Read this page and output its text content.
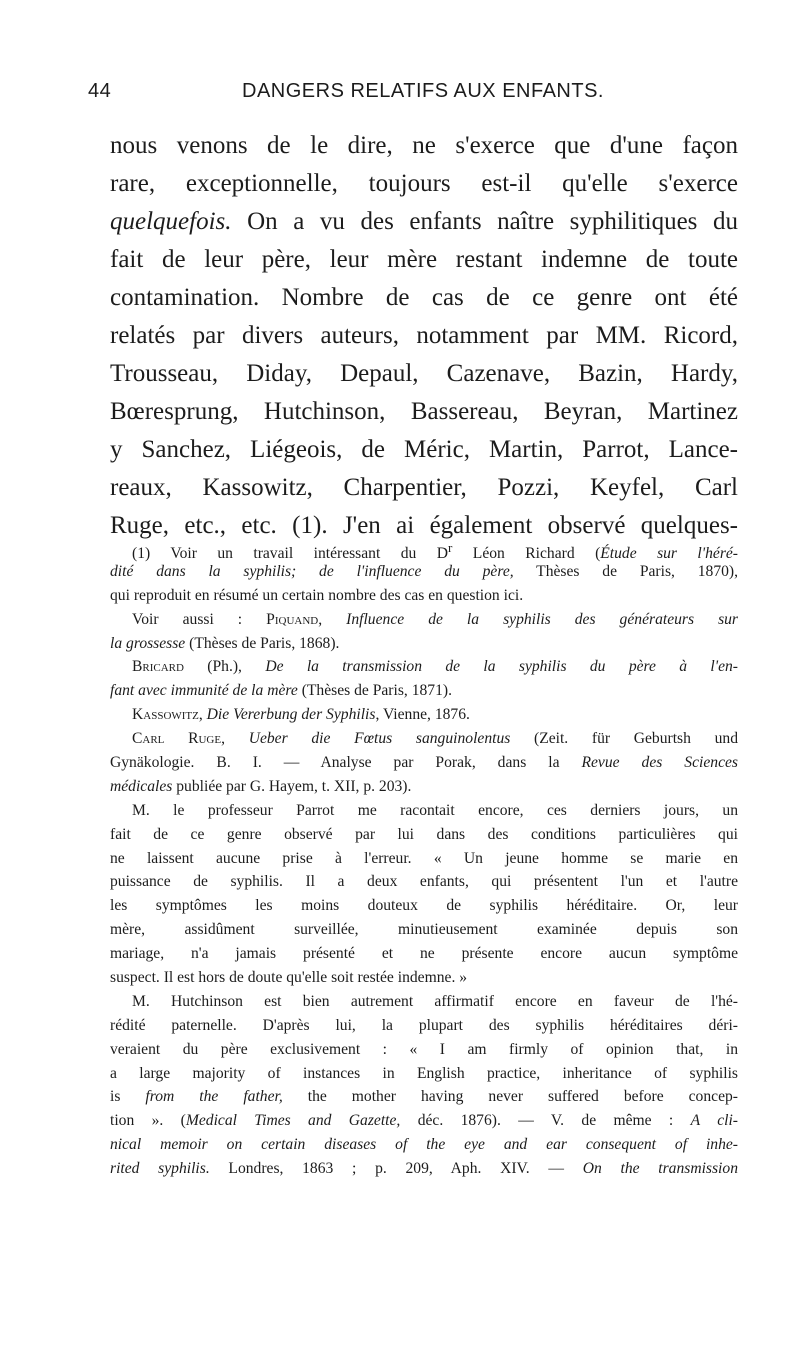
44	DANGERS RELATIFS AUX ENFANTS.
nous venons de le dire, ne s'exerce que d'une façon
rare, exceptionnelle, toujours est-il qu'elle s'exerce
quelquefois. On a vu des enfants naître syphilitiques du
fait de leur père, leur mère restant indemne de toute
contamination. Nombre de cas de ce genre ont été
relatés par divers auteurs, notamment par MM. Ricord,
Trousseau, Diday, Depaul, Cazenave, Bazin, Hardy,
Bœresprung, Hutchinson, Bassereau, Beyran, Martinez
y Sanchez, Liégeois, de Méric, Martin, Parrot, Lance-
reaux, Kassowitz, Charpentier, Pozzi, Keyfel, Carl
Ruge, etc., etc. (1). J'en ai également observé quelques-
(1) Voir un travail intéressant du $D^r$ Léon Richard (Étude sur l'héré-
dité dans la syphilis; de l'influence du père, Thèses de Paris, 1870),
qui reproduit en résumé un certain nombre des cas en question ici.
Voir aussi : Piquand, Influence de la syphilis des générateurs sur
la grossesse (Thèses de Paris, 1868).
Bricard (Ph.), De la transmission de la syphilis du père à l'en-
fant avec immunité de la mère (Thèses de Paris, 1871).
Kassowitz, Die Vererbung der Syphilis, Vienne, 1876.
Carl Ruge, Ueber die Fœtus sanguinolentus (Zeit. für Geburtsh und
Gynäkologie. B. I. — Analyse par Porak, dans la Revue des Sciences
médicales publiée par G. Hayem, t. XII, p. 203).
M. le professeur Parrot me racontait encore, ces derniers jours, un
fait de ce genre observé par lui dans des conditions particulières qui
ne laissent aucune prise à l'erreur. « Un jeune homme se marie en
puissance de syphilis. Il a deux enfants, qui présentent l'un et l'autre
les symptômes les moins douteux de syphilis héréditaire. Or, leur
mère, assidûment surveillée, minutieusement examinée depuis son
mariage, n'a jamais présenté et ne présente encore aucun symptôme
suspect. Il est hors de doute qu'elle soit restée indemne. »
M. Hutchinson est bien autrement affirmatif encore en faveur de l'hé-
rédité paternelle. D'après lui, la plupart des syphilis héréditaires déri-
veraient du père exclusivement : « I am firmly of opinion that, in
a large majority of instances in English practice, inheritance of syphilis
is from the father, the mother having never suffered before concep-
tion ». (Medical Times and Gazette, déc. 1876). — V. de même : A cli-
nical memoir on certain diseases of the eye and ear consequent of inhe-
rited syphilis. Londres, 1863 ; p. 209, Aph. XIV. — On the transmission
